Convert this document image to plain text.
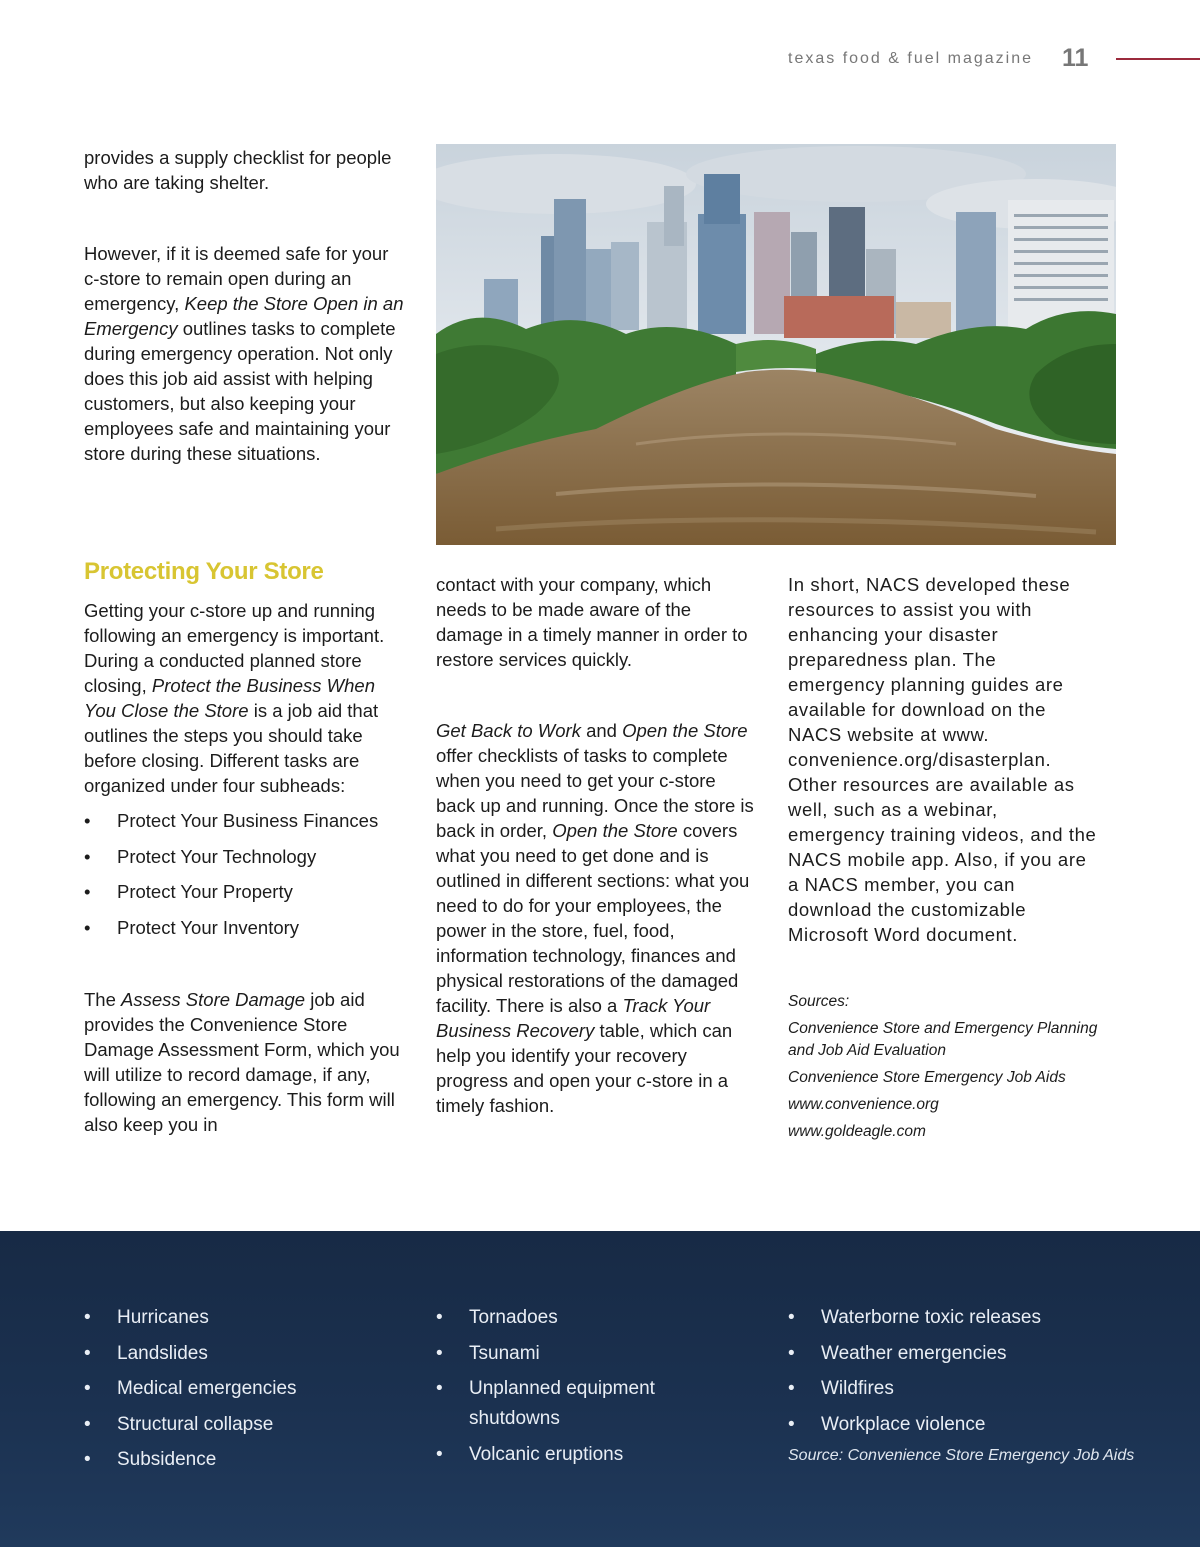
texas food & fuel magazine 11

provides a supply checklist for people who are taking shelter.

However, if it is deemed safe for your c-store to remain open during an emergency, Keep the Store Open in an Emergency outlines tasks to complete during emergency operation. Not only does this job aid assist with helping customers, but also keeping your employees safe and maintaining your store during these situations.

Protecting Your Store

Getting your c-store up and running following an emergency is important. During a conducted planned store closing, Protect the Business When You Close the Store is a job aid that outlines the steps you should take before closing. Different tasks are organized under four subheads:

• Protect Your Business Finances
• Protect Your Technology
• Protect Your Property
• Protect Your Inventory

The Assess Store Damage job aid provides the Convenience Store Damage Assessment Form, which you will utilize to record damage, if any, following an emergency. This form will also keep you in

contact with your company, which needs to be made aware of the damage in a timely manner in order to restore services quickly.

Get Back to Work and Open the Store offer checklists of tasks to complete when you need to get your c-store back up and running. Once the store is back in order, Open the Store covers what you need to get done and is outlined in different sections: what you need to do for your employees, the power in the store, fuel, food, information technology, finances and physical restorations of the damaged facility. There is also a Track Your Business Recovery table, which can help you identify your recovery progress and open your c-store in a timely fashion.

In short, NACS developed these resources to assist you with enhancing your disaster preparedness plan. The emergency planning guides are available for download on the NACS website at www. convenience.org/disasterplan. Other resources are available as well, such as a webinar, emergency training videos, and the NACS mobile app. Also, if you are a NACS member, you can download the customizable Microsoft Word document.

Sources:
Convenience Store and Emergency Planning and Job Aid Evaluation
Convenience Store Emergency Job Aids
www.convenience.org
www.goldeagle.com
• Hurricanes
• Landslides
• Medical emergencies
• Structural collapse
• Subsidence
• Tornadoes
• Tsunami
• Unplanned equipment shutdowns
• Volcanic eruptions
• Waterborne toxic releases
• Weather emergencies
• Wildfires
• Workplace violence
Source: Convenience Store Emergency Job Aids
